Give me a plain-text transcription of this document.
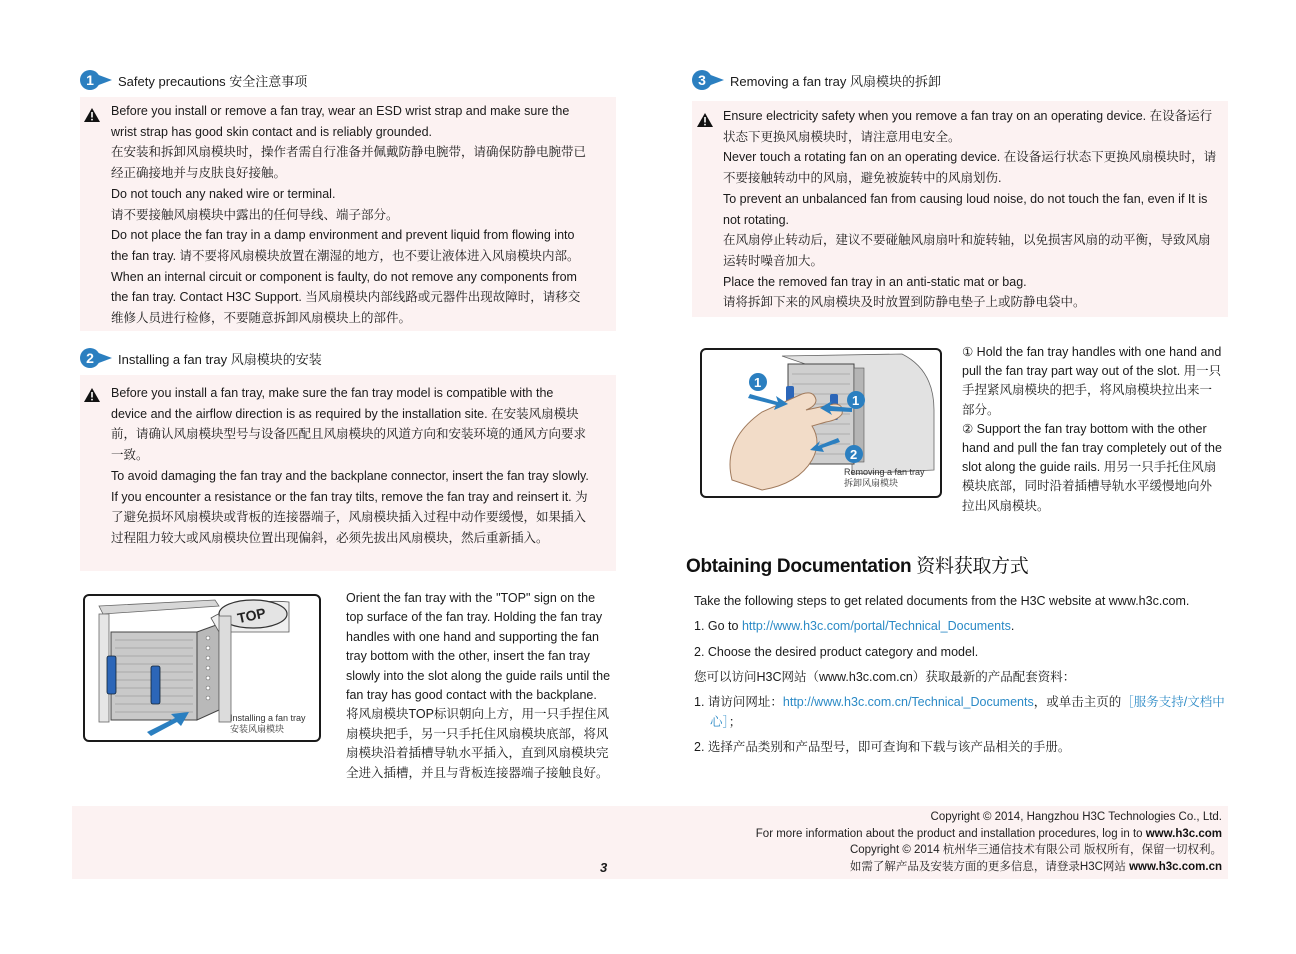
1	Safety precautions 安全注意事项

Before you install or remove a fan tray, wear an ESD wrist strap and make sure the wrist strap has good skin contact and is reliably grounded.

在安装和拆卸风扇模块时，操作者需自行准备并佩戴防静电腕带，请确保防静电腕带已经正确接地并与皮肤良好接触。

Do not touch any naked wire or terminal.

请不要接触风扇模块中露出的任何导线、端子部分。

Do not place the fan tray in a damp environment and prevent liquid from flowing into the fan tray. 请不要将风扇模块放置在潮湿的地方，也不要让液体进入风扇模块内部。

When an internal circuit or component is faulty, do not remove any components from the fan tray. Contact H3C Support. 当风扇模块内部线路或元器件出现故障时，请移交维修人员进行检修，不要随意拆卸风扇模块上的部件。

2	Installing a fan tray 风扇模块的安装

Before you install a fan tray, make sure the fan tray model is compatible with the device and the airflow direction is as required by the installation site. 在安装风扇模块前，请确认风扇模块型号与设备匹配且风扇模块的风道方向和安装环境的通风方向要求一致。

To avoid damaging the fan tray and the backplane connector, insert the fan tray slowly. If you encounter a resistance or the fan tray tilts, remove the fan tray and reinsert it. 为了避免损坏风扇模块或背板的连接器端子，风扇模块插入过程中动作要缓慢，如果插入过程阻力较大或风扇模块位置出现偏斜，必须先拔出风扇模块，然后重新插入。

TOP
Installing a fan tray
安装风扇模块

Orient the fan tray with the "TOP" sign on the top surface of the fan tray. Holding the fan tray handles with one hand and supporting the fan tray bottom with the other, insert the fan tray slowly into the slot along the guide rails until the fan tray has good contact with the backplane. 将风扇模块TOP标识朝向上方，用一只手捏住风扇模块把手，另一只手托住风扇模块底部，将风扇模块沿着插槽导轨水平插入，直到风扇模块完全进入插槽，并且与背板连接器端子接触良好。

3	Removing a fan tray 风扇模块的拆卸

Ensure electricity safety when you remove a fan tray on an operating device. 在设备运行状态下更换风扇模块时，请注意用电安全。

Never touch a rotating fan on an operating device. 在设备运行状态下更换风扇模块时，请不要接触转动中的风扇，避免被旋转中的风扇划伤.

To prevent an unbalanced fan from causing loud noise, do not touch the fan, even if It is not rotating.

在风扇停止转动后，建议不要碰触风扇扇叶和旋转轴，以免损害风扇的动平衡，导致风扇运转时噪音加大。

Place the removed fan tray in an anti-static mat or bag.

请将拆卸下来的风扇模块及时放置到防静电垫子上或防静电袋中。

1
1
2
Removing a fan tray
拆卸风扇模块

① Hold the fan tray handles with one hand and pull the fan tray part way out of the slot. 用一只手捏紧风扇模块的把手，将风扇模块拉出来一部分。

② Support the fan tray bottom with the other hand and pull the fan tray completely out of the slot along the guide rails. 用另一只手托住风扇模块底部，同时沿着插槽导轨水平缓慢地向外拉出风扇模块。

Obtaining Documentation 资料获取方式

Take the following steps to get related documents from the H3C website at www.h3c.com.

1. Go to http://www.h3c.com/portal/Technical_Documents.

2. Choose the desired product category and model.

您可以访问H3C网站（www.h3c.com.cn）获取最新的产品配套资料：

1. 请访问网址：http://www.h3c.com.cn/Technical_Documents，或单击主页的［服务支持/文档中心］；

2. 选择产品类别和产品型号，即可查询和下载与该产品相关的手册。

3
Copyright © 2014, Hangzhou H3C Technologies Co., Ltd.
For more information about the product and installation procedures, log in to www.h3c.com
Copyright © 2014 杭州华三通信技术有限公司 版权所有，保留一切权利。
如需了解产品及安装方面的更多信息，请登录H3C网站 www.h3c.com.cn
